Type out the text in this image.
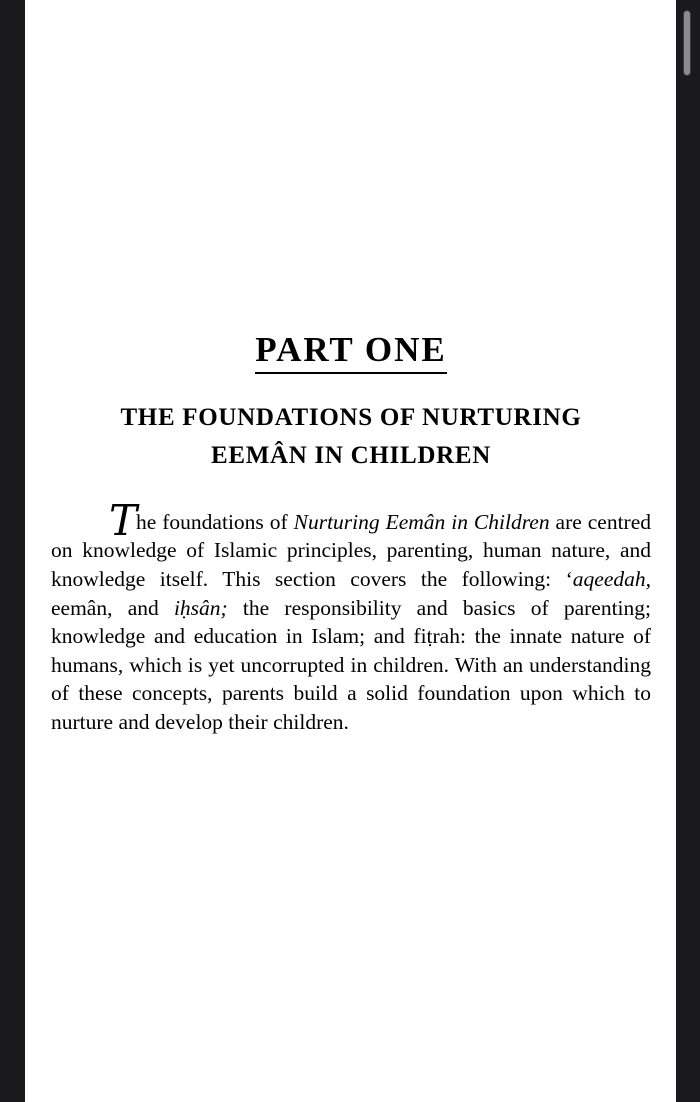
PART ONE
THE FOUNDATIONS OF NURTURING
EEMÂN IN CHILDREN

The foundations of Nurturing Eemân in Children are centred on knowledge of Islamic principles, parenting, human nature, and knowledge itself. This section covers the following: ‘aqeedah, eemân, and iḥsân; the responsibility and basics of parenting; knowledge and education in Islam; and fiṭrah: the innate nature of humans, which is yet uncorrupted in children. With an understanding of these concepts, parents build a solid foundation upon which to nurture and develop their children.
